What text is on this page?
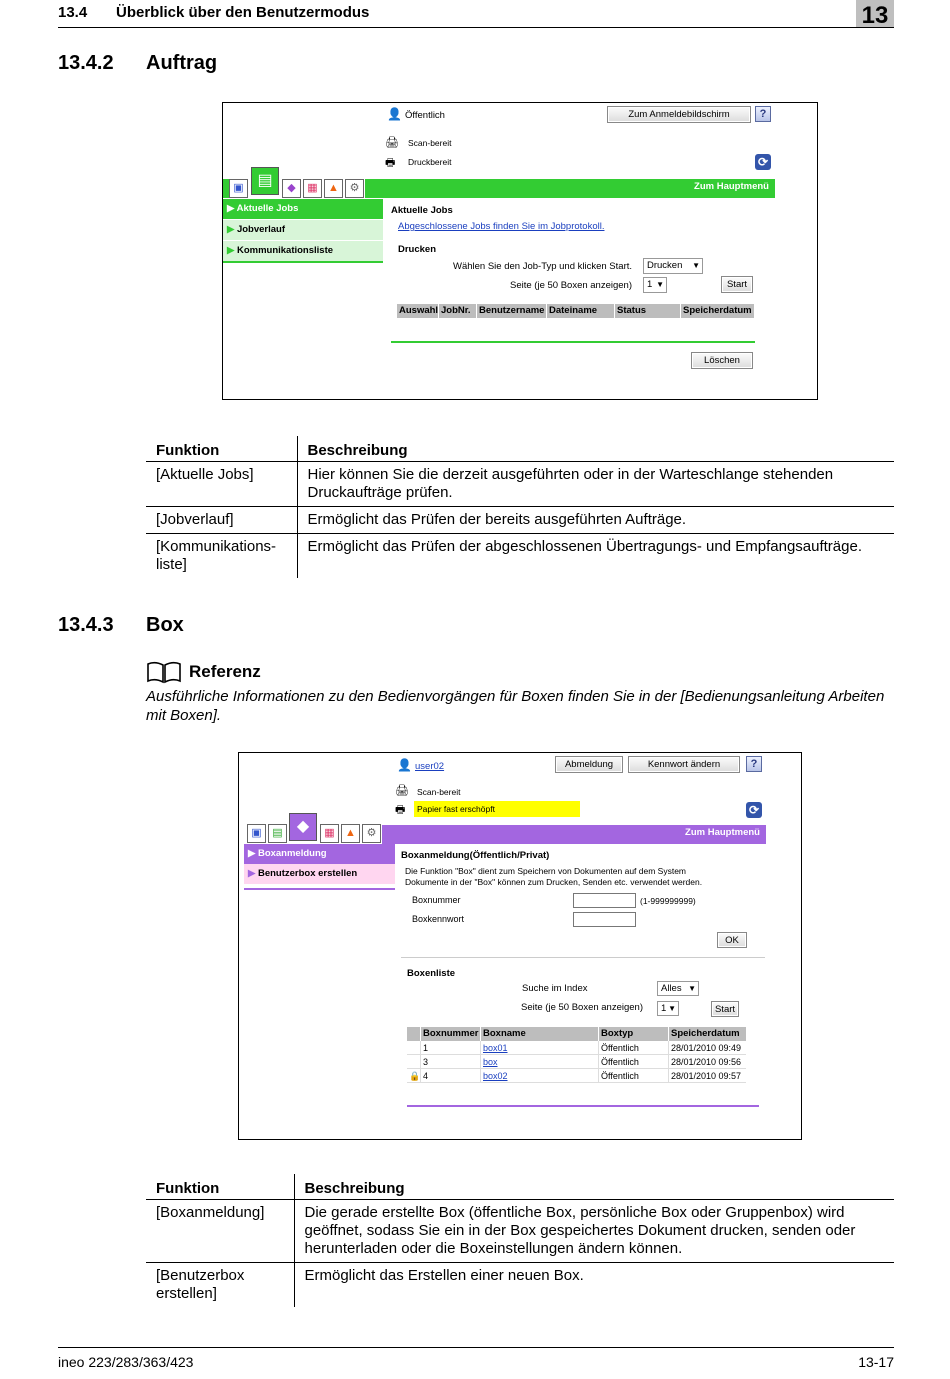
13.4 Überblick über den Benutzermodus	13
13.4.2 Auftrag
👤 Öffentlich	Zum Anmeldebildschirm	?
🖨 Scan-bereit
🖶 Druckbereit	⟳
▣ ▤	◆	▦ ▲ ⚙	Zum Hauptmenü
▶ Aktuelle Jobs
▶ Jobverlauf
▶ Kommunikationsliste
Aktuelle Jobs
Abgeschlossene Jobs finden Sie im Jobprotokoll.
Drucken
Wählen Sie den Job-Typ und klicken Start.	Drucken ▼
Seite (je 50 Boxen anzeigen)	1 ▼	Start
Auswahl JobNr. Benutzername Dateiname	Status	Speicherdatum
Löschen
Funktion	Beschreibung
[Aktuelle Jobs]	Hier können Sie die derzeit ausgeführten oder in der Warteschlange stehenden Druckaufträge prüfen.
[Jobverlauf]	Ermöglicht das Prüfen der bereits ausgeführten Aufträge.
[Kommunikations-liste]	Ermöglicht das Prüfen der abgeschlossenen Übertragungs- und Empfangsaufträge.
13.4.3 Box
Referenz
Ausführliche Informationen zu den Bedienvorgängen für Boxen finden Sie in der [Bedienungsanleitung Arbeiten mit Boxen].
👤 user02	Abmeldung	Kennwort ändern	?
🖨 Scan-bereit
🖶 Papier fast erschöpft	⟳
▣ ▤ ◆	▦ ▲ ⚙	Zum Hauptmenü
▶ Boxanmeldung
▶ Benutzerbox erstellen
Boxanmeldung(Öffentlich/Privat)
Die Funktion "Box" dient zum Speichern von Dokumenten auf dem System
Dokumente in der "Box" können zum Drucken, Senden etc. verwendet werden.
Boxnummer	(1-999999999)
Boxkennwort
OK
Boxenliste
Suche im Index	Alles ▼
Seite (je 50 Boxen anzeigen)	1 ▼	Start
Boxnummer Boxname	Boxtyp	Speicherdatum
1	box01	Öffentlich	28/01/2010 09:49
3	box	Öffentlich	28/01/2010 09:56
🔒 4	box02	Öffentlich	28/01/2010 09:57
Funktion	Beschreibung
[Boxanmeldung]	Die gerade erstellte Box (öffentliche Box, persönliche Box oder Gruppenbox) wird geöffnet, sodass Sie ein in der Box gespeichertes Dokument drucken, senden oder herunterladen oder die Boxeinstellungen ändern können.
[Benutzerbox erstellen]	Ermöglicht das Erstellen einer neuen Box.
ineo 223/283/363/423	13-17
